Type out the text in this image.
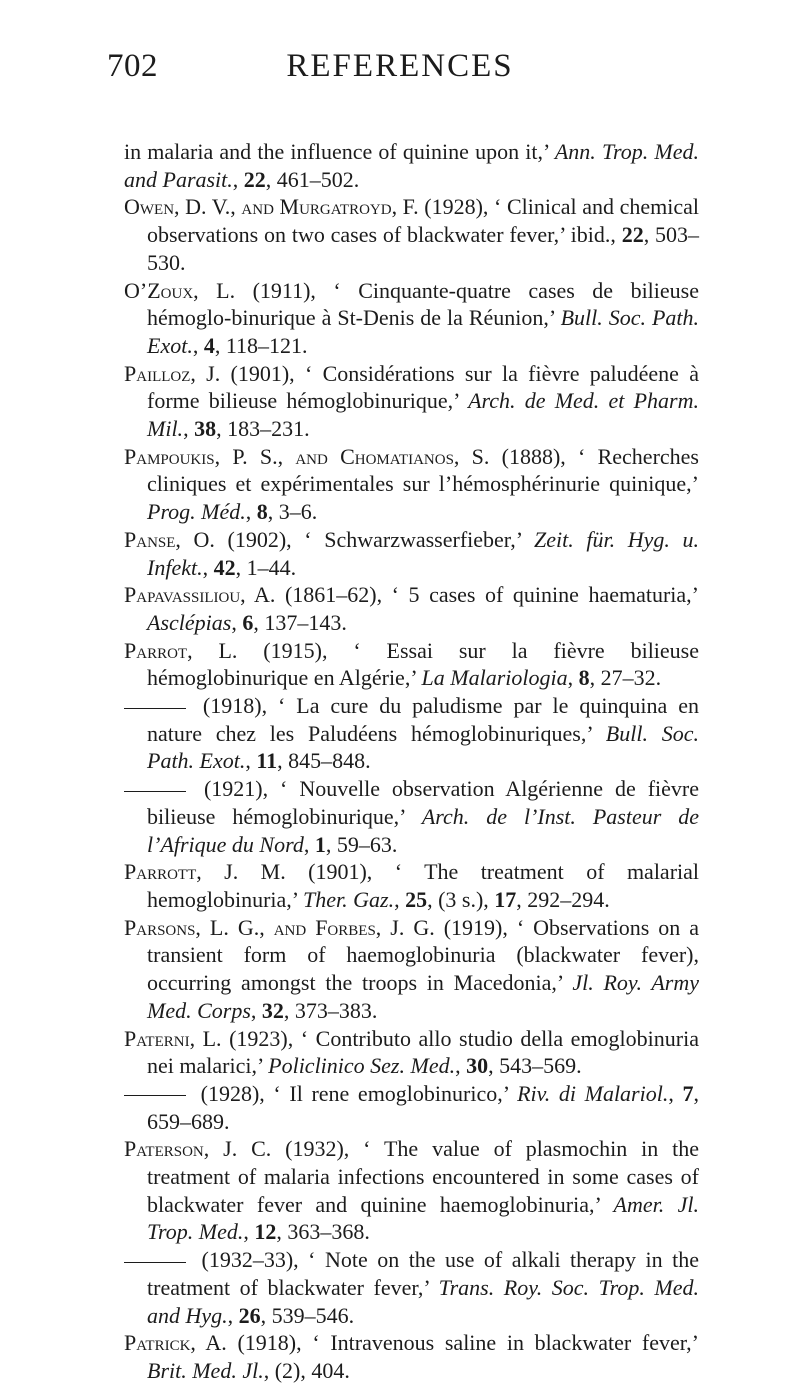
REFERENCES
702

in malaria and the influence of quinine upon it,’ Ann. Trop. Med. and Parasit., 22, 461–502.

Owen, D. V., and Murgatroyd, F. (1928), ‘ Clinical and chemical observations on two cases of blackwater fever,’ ibid., 22, 503–530.

O’Zoux, L. (1911), ‘ Cinquante-quatre cases de bilieuse hémoglo-binurique à St-Denis de la Réunion,’ Bull. Soc. Path. Exot., 4, 118–121.

Pailloz, J. (1901), ‘ Considérations sur la fièvre paludéene à forme bilieuse hémoglobinurique,’ Arch. de Med. et Pharm. Mil., 38, 183–231.

Pampoukis, P. S., and Chomatianos, S. (1888), ‘ Recherches cliniques et expérimentales sur l’hémosphérinurie quinique,’ Prog. Méd., 8, 3–6.

Panse, O. (1902), ‘ Schwarzwasserfieber,’ Zeit. für. Hyg. u. Infekt., 42, 1–44.

Papavassiliou, A. (1861–62), ‘ 5 cases of quinine haematuria,’ Asclépias, 6, 137–143.

Parrot, L. (1915), ‘ Essai sur la fièvre bilieuse hémoglobinurique en Algérie,’ La Malariologia, 8, 27–32.

(1918), ‘ La cure du paludisme par le quinquina en nature chez les Paludéens hémoglobinuriques,’ Bull. Soc. Path. Exot., 11, 845–848.

(1921), ‘ Nouvelle observation Algérienne de fièvre bilieuse hémoglobinurique,’ Arch. de l’Inst. Pasteur de l’Afrique du Nord, 1, 59–63.

Parrott, J. M. (1901), ‘ The treatment of malarial hemoglobinuria,’ Ther. Gaz., 25, (3 s.), 17, 292–294.

Parsons, L. G., and Forbes, J. G. (1919), ‘ Observations on a transient form of haemoglobinuria (blackwater fever), occurring amongst the troops in Macedonia,’ Jl. Roy. Army Med. Corps, 32, 373–383.

Paterni, L. (1923), ‘ Contributo allo studio della emoglobinuria nei malarici,’ Policlinico Sez. Med., 30, 543–569.

(1928), ‘ Il rene emoglobinurico,’ Riv. di Malariol., 7, 659–689.

Paterson, J. C. (1932), ‘ The value of plasmochin in the treatment of malaria infections encountered in some cases of blackwater fever and quinine haemoglobinuria,’ Amer. Jl. Trop. Med., 12, 363–368.

(1932–33), ‘ Note on the use of alkali therapy in the treatment of blackwater fever,’ Trans. Roy. Soc. Trop. Med. and Hyg., 26, 539–546.

Patrick, A. (1918), ‘ Intravenous saline in blackwater fever,’ Brit. Med. Jl., (2), 404.
